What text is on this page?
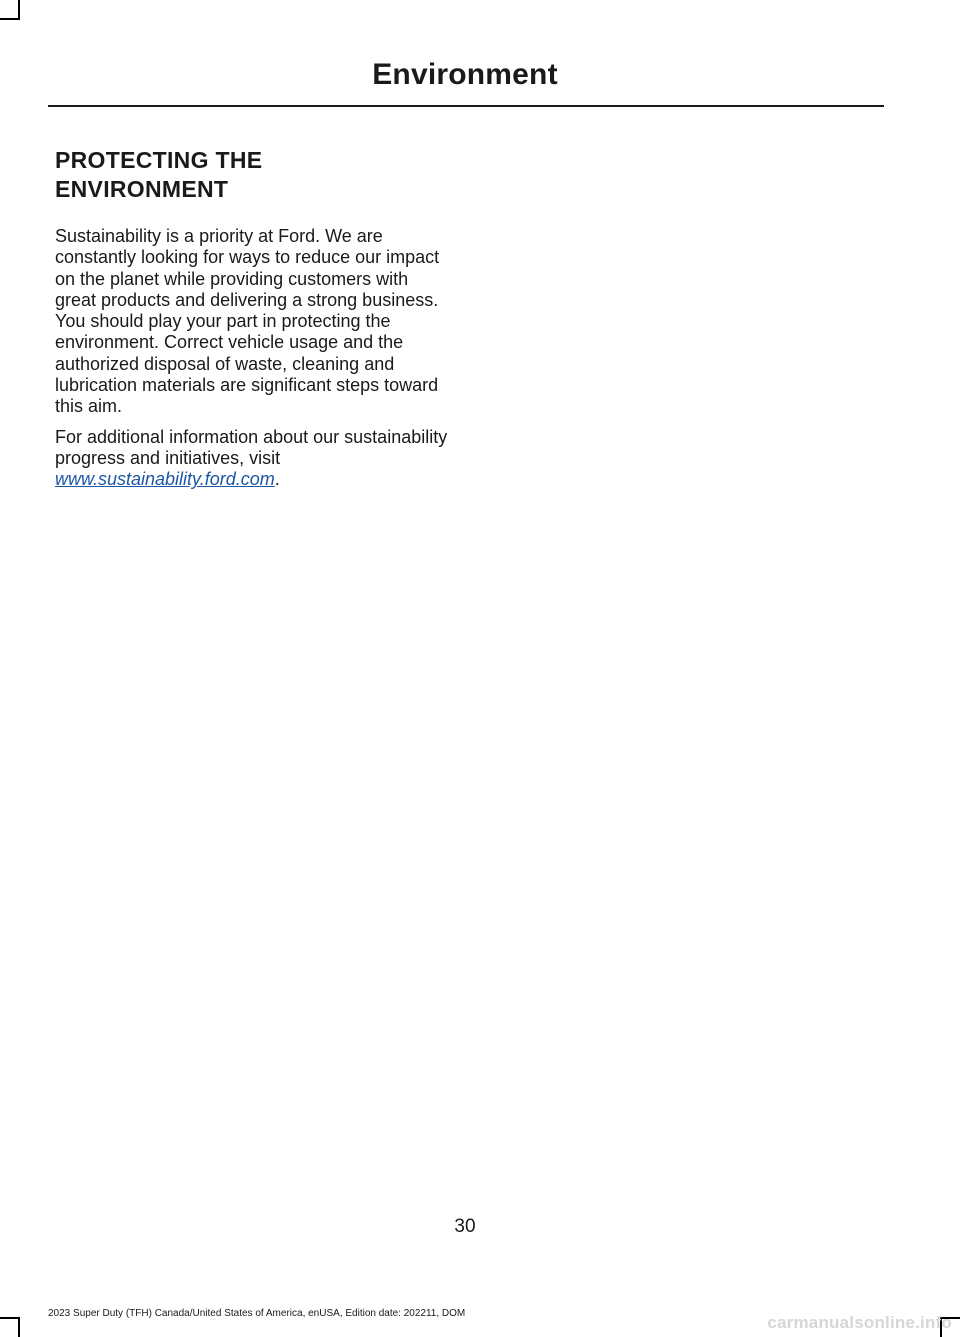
Environment
PROTECTING THE
ENVIRONMENT

Sustainability is a priority at Ford. We are constantly looking for ways to reduce our impact on the planet while providing customers with great products and delivering a strong business. You should play your part in protecting the environment. Correct vehicle usage and the authorized disposal of waste, cleaning and lubrication materials are significant steps toward this aim.

For additional information about our sustainability progress and initiatives, visit www.sustainability.ford.com.

30
2023 Super Duty (TFH) Canada/United States of America, enUSA, Edition date: 202211, DOM	carmanualsonline.info
